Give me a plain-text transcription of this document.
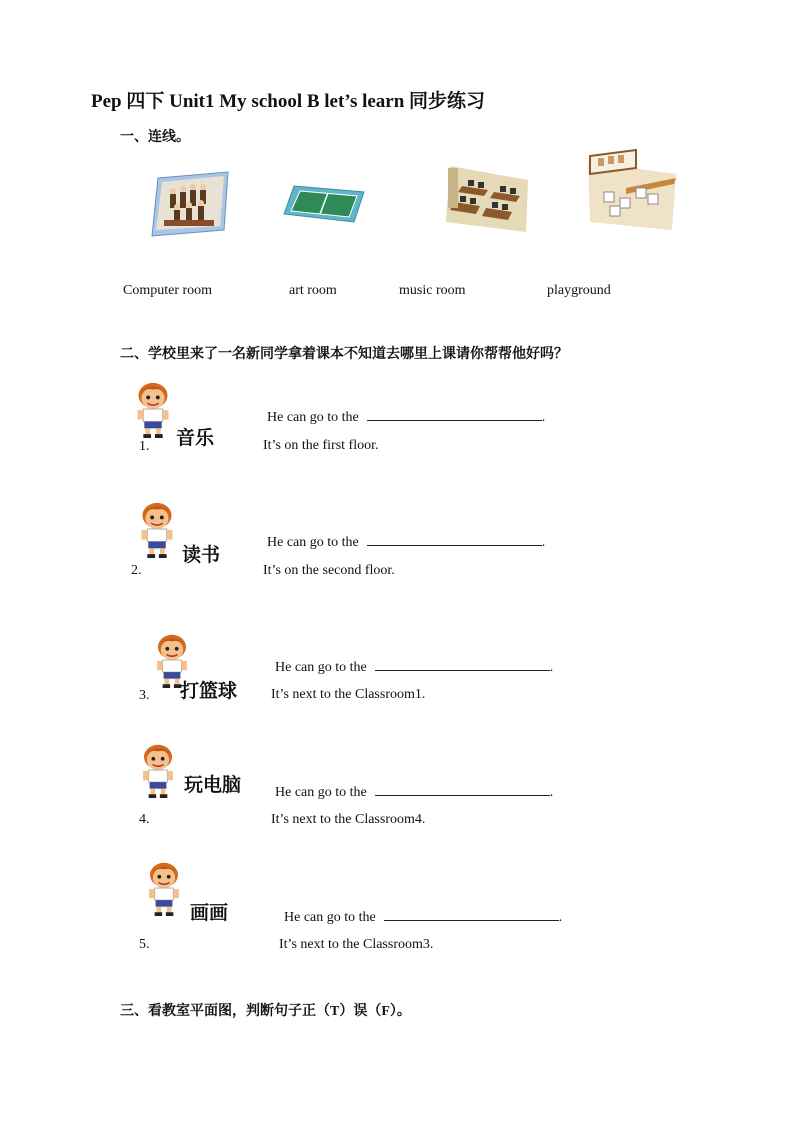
Pep 四下 Unit1 My school B let’s learn 同步练习
一、连线。
Computer room	art room	music room	playground
二、学校里来了一名新同学拿着课本不知道去哪里上课请你帮帮他好吗？
音乐
1.
He can go to the	.
It’s on the first floor.
读书
2.
He can go to the	.
It’s on the second floor.
打篮球
3.
He can go to the	.
It’s next to the Classroom1.
玩电脑
4.
He can go to the	.
It’s next to the Classroom4.
画画
5.
He can go to the	.
It’s next to the Classroom3.
三、看教室平面图，判断句子正（T）误（F）。
